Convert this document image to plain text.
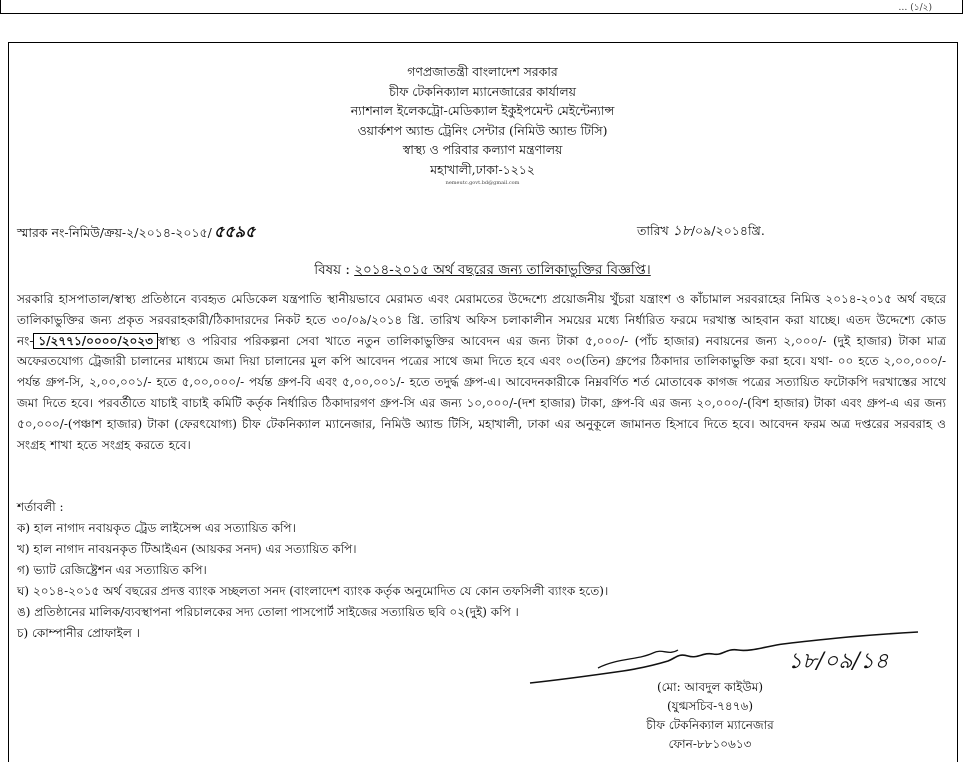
… (১/২)
গণপ্রজাতন্ত্রী বাংলাদেশ সরকার
চীফ টেকনিক্যাল ম্যানেজারের কার্যালয়
ন্যাশনাল ইলেকট্রো-মেডিক্যাল ইকুইপমেন্ট মেইন্টেন্যান্স
ওয়ার্কশপ অ্যান্ড ট্রেনিং সেন্টার (নিমিউ অ্যান্ড টিসি)
স্বাস্থ্য ও পরিবার কল্যাণ মন্ত্রণালয়
মহাখালী,ঢাকা-১২১২
nemeutc.govt.bd@gmail.com
স্মারক নং-নিমিউ/ক্রয়-২/২০১৪-২০১৫/ ৫৫৯৫	তারিখ ১৮/০৯/২০১৪খ্রি.
বিষয় : ২০১৪-২০১৫ অর্থ বছরের জন্য তালিকাভুক্তির বিজ্ঞপ্তি।
সরকারি হাসপাতাল/স্বাস্থ্য প্রতিষ্ঠানে ব্যবহৃত মেডিকেল যন্ত্রপাতি স্থানীয়ভাবে মেরামত এবং মেরামতের উদ্দেশ্যে প্রয়োজনীয় খুঁচরা যন্ত্রাংশ ও কাঁচামাল সরবরাহের নিমিত্ত ২০১৪-২০১৫ অর্থ বছরে তালিকাভুক্তির জন্য প্রকৃত সরবরাহকারী/ঠিকাদারদের নিকট হতে ৩০/০৯/২০১৪ খ্রি. তারিখ অফিস চলাকালীন সময়ের মধ্যে নির্ধারিত ফরমে দরখাস্ত আহবান করা যাচ্ছে। এতদ উদ্দেশ্যে কোড নং- ১/২৭৭১/০০০০/২০২৩ স্বাস্থ্য ও পরিবার পরিকল্পনা সেবা খাতে নতুন তালিকাভুক্তির আবেদন এর জন্য টাকা ৫,০০০/- (পাঁচ হাজার) নবায়নের জন্য ২,০০০/- (দুই হাজার) টাকা মাত্র অফেরতযোগ্য ট্রেজারী চালানের মাধ্যমে জমা দিয়া চালানের মুল কপি আবেদন পত্রের সাথে জমা দিতে হবে এবং ০৩(তিন) গ্রুপের ঠিকাদার তালিকাভুক্তি করা হবে। যথা- ০০ হতে ২,০০,০০০/- পর্যন্ত গ্রুপ-সি, ২,০০,০০১/- হতে ৫,০০,০০০/- পর্যন্ত গ্রুপ-বি এবং ৫,০০,০০১/- হতে তদুর্দ্ধ গ্রুপ-এ। আবেদনকারীকে নিম্নবর্ণিত শর্ত মোতাবেক কাগজ পত্রের সত্যায়িত ফটোকপি দরখাস্তের সাথে জমা দিতে হবে। পরবর্তীতে যাচাই বাচাই কমিটি কর্তৃক নির্ধারিত ঠিকাদারগণ গ্রুপ-সি এর জন্য ১০,০০০/-(দশ হাজার) টাকা, গ্রুপ-বি এর জন্য ২০,০০০/-(বিশ হাজার) টাকা এবং গ্রুপ-এ এর জন্য ৫০,০০০/-(পঞ্চাশ হাজার) টাকা (ফেরৎযোগ্য) চীফ টেকনিক্যাল ম্যানেজার, নিমিউ অ্যান্ড টিসি, মহাখালী, ঢাকা এর অনুকূলে জামানত হিসাবে দিতে হবে। আবেদন ফরম অত্র দপ্তরের সরবরাহ ও সংগ্রহ শাখা হতে সংগ্রহ করতে হবে।
শর্তাবলী :
ক) হাল নাগাদ নবায়কৃত ট্রেড লাইসেন্স এর সত্যায়িত কপি।
খ) হাল নাগাদ নাবয়নকৃত টিআইএন (আয়কর সনদ) এর সত্যায়িত কপি।
গ) ভ্যাট রেজিষ্ট্রেশন এর সত্যায়িত কপি।
ঘ) ২০১৪-২০১৫ অর্থ বছরের প্রদত্ত ব্যাংক সচ্ছলতা সনদ (বাংলাদেশ ব্যাংক কর্তৃক অনুমোদিত যে কোন তফসিলী ব্যাংক হতে)।
ঙ) প্রতিষ্ঠানের মালিক/ব্যবস্থাপনা পরিচালকের সদ্য তোলা পাসপোর্ট সাইজের সত্যায়িত ছবি ০২(দুই) কপি ।
চ) কোম্পানীর প্রোফাইল ।
১৮/০৯/১৪
(মো: আবদুল কাইউম)
(যুগ্মসচিব-৭৪৭৬)
চীফ টেকনিক্যাল ম্যানেজার
ফোন-৮৮১০৬১৩
